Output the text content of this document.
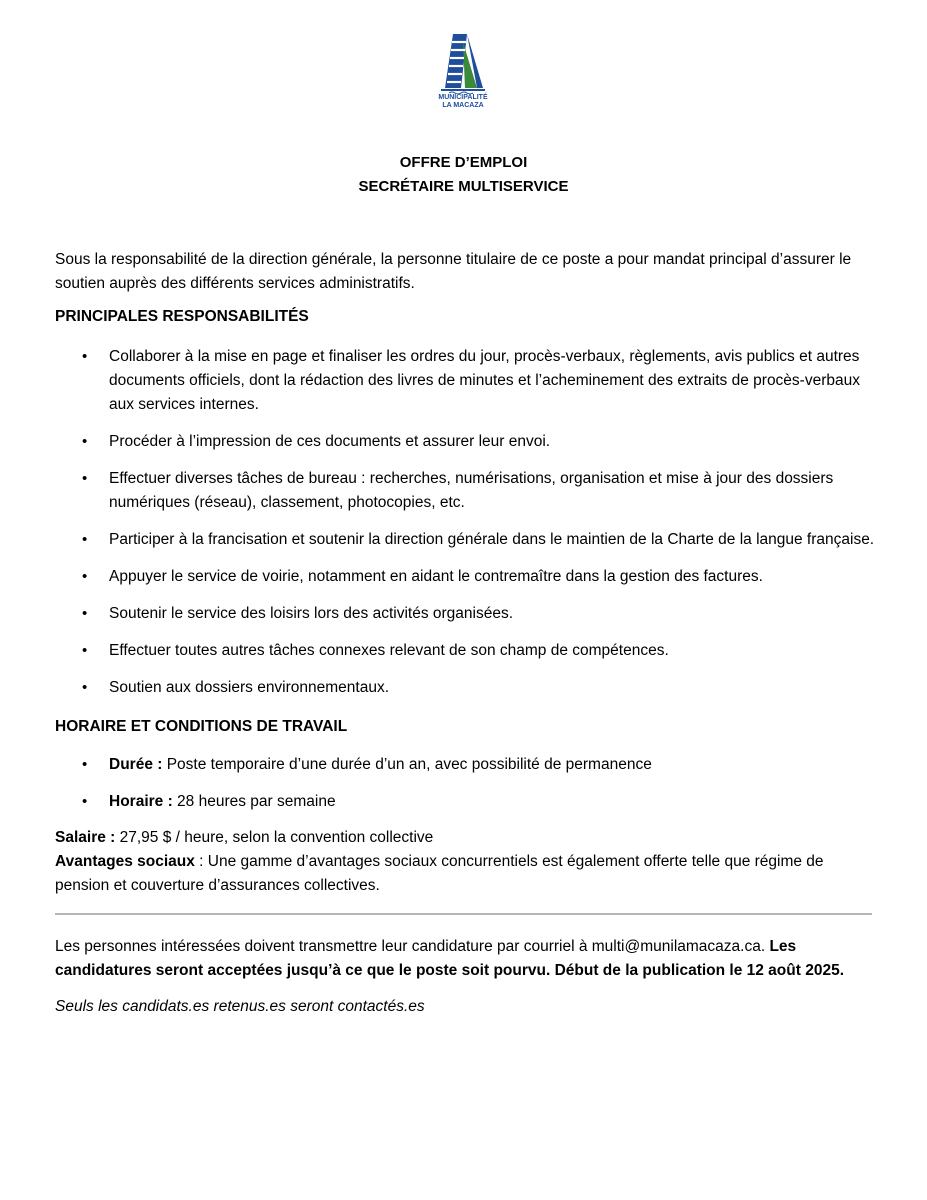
MUNICIPALITÉ
LA MACAZA
OFFRE D’EMPLOI
SECRÉTAIRE MULTISERVICE
Sous la responsabilité de la direction générale, la personne titulaire de ce poste a pour mandat principal d’assurer le soutien auprès des différents services administratifs.
PRINCIPALES RESPONSABILITÉS
• Collaborer à la mise en page et finaliser les ordres du jour, procès-verbaux, règlements, avis publics et autres documents officiels, dont la rédaction des livres de minutes et l’acheminement des extraits de procès-verbaux aux services internes.
• Procéder à l’impression de ces documents et assurer leur envoi.
• Effectuer diverses tâches de bureau : recherches, numérisations, organisation et mise à jour des dossiers numériques (réseau), classement, photocopies, etc.
• Participer à la francisation et soutenir la direction générale dans le maintien de la Charte de la langue française.
• Appuyer le service de voirie, notamment en aidant le contremaître dans la gestion des factures.
• Soutenir le service des loisirs lors des activités organisées.
• Effectuer toutes autres tâches connexes relevant de son champ de compétences.
• Soutien aux dossiers environnementaux.
HORAIRE ET CONDITIONS DE TRAVAIL
• Durée : Poste temporaire d’une durée d’un an, avec possibilité de permanence
• Horaire : 28 heures par semaine
Salaire : 27,95 $ / heure, selon la convention collective
Avantages sociaux : Une gamme d’avantages sociaux concurrentiels est également offerte telle que régime de pension et couverture d’assurances collectives.
Les personnes intéressées doivent transmettre leur candidature par courriel à multi@munilamacaza.ca. Les candidatures seront acceptées jusqu’à ce que le poste soit pourvu. Début de la publication le 12 août 2025.
Seuls les candidats.es retenus.es seront contactés.es
